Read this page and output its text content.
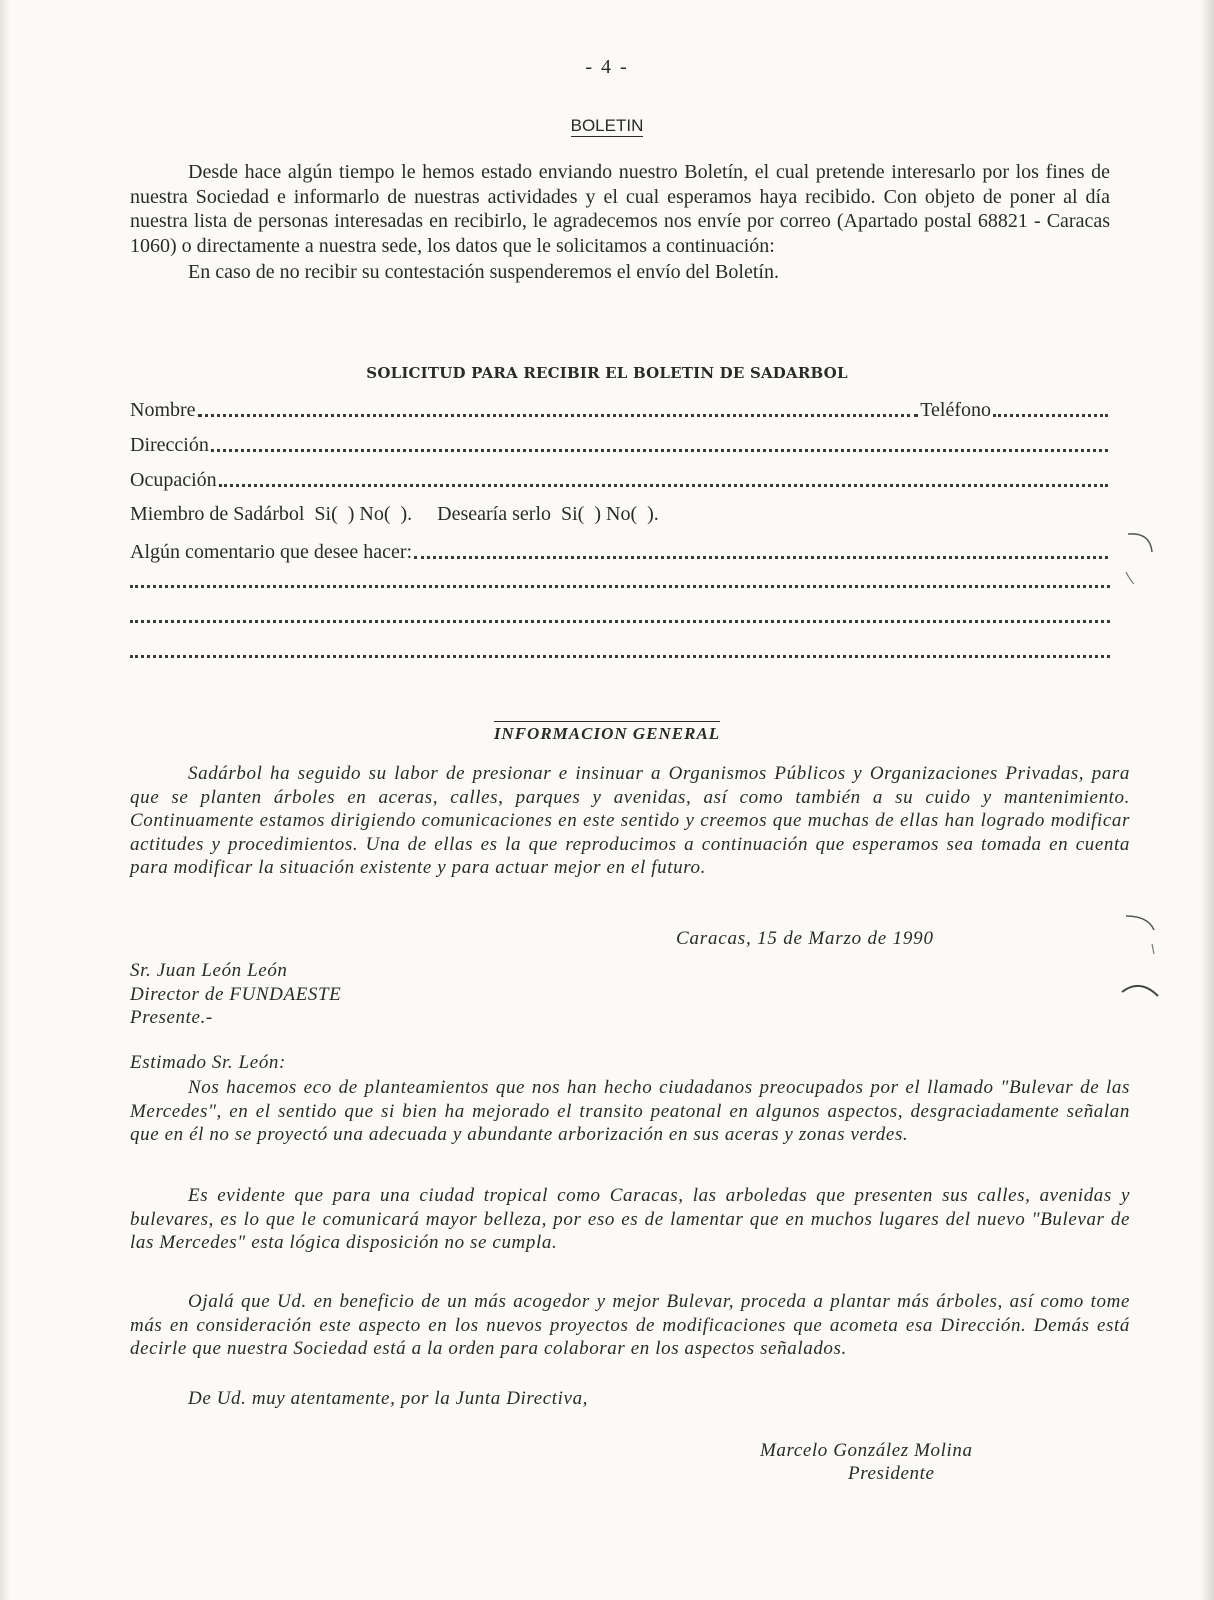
- 4 -
BOLETIN

Desde hace algún tiempo le hemos estado enviando nuestro Boletín, el cual pretende interesarlo por los fines de nuestra Sociedad e informarlo de nuestras actividades y el cual esperamos haya recibido. Con objeto de poner al día nuestra lista de personas interesadas en recibirlo, le agradecemos nos envíe por correo (Apartado postal 68821 - Caracas 1060) o directamente a nuestra sede, los datos que le solicitamos a continuación:

En caso de no recibir su contestación suspenderemos el envío del Boletín.

SOLICITUD PARA RECIBIR EL BOLETIN DE SADARBOL
Nombre	Teléfono
Dirección
Ocupación
Miembro de Sadárbol  Si(  ) No(  ).     Desearía serlo  Si(  ) No(  ).
Algún comentario que desee hacer:
INFORMACION GENERAL

Sadárbol ha seguido su labor de presionar e insinuar a Organismos Públicos y Organizaciones Privadas, para que se planten árboles en aceras, calles, parques y avenidas, así como también a su cuido y mantenimiento. Continuamente estamos dirigiendo comunicaciones en este sentido y creemos que muchas de ellas han logrado modificar actitudes y procedimientos. Una de ellas es la que reproducimos a continuación que esperamos sea tomada en cuenta para modificar la situación existente y para actuar mejor en el futuro.

Caracas, 15 de Marzo de 1990
Sr. Juan León León
Director de FUNDAESTE
Presente.-
Estimado Sr. León:

Nos hacemos eco de planteamientos que nos han hecho ciudadanos preocupados por el llamado "Bulevar de las Mercedes", en el sentido que si bien ha mejorado el transito peatonal en algunos aspectos, desgraciadamente señalan que en él no se proyectó una adecuada y abundante arborización en sus aceras y zonas verdes.

Es evidente que para una ciudad tropical como Caracas, las arboledas que presenten sus calles, avenidas y bulevares, es lo que le comunicará mayor belleza, por eso es de lamentar que en muchos lugares del nuevo "Bulevar de las Mercedes" esta lógica disposición no se cumpla.

Ojalá que Ud. en beneficio de un más acogedor y mejor Bulevar, proceda a plantar más árboles, así como tome más en consideración este aspecto en los nuevos proyectos de modificaciones que acometa esa Dirección. Demás está decirle que nuestra Sociedad está a la orden para colaborar en los aspectos señalados.

De Ud. muy atentamente, por la Junta Directiva,
Marcelo González Molina
Presidente
